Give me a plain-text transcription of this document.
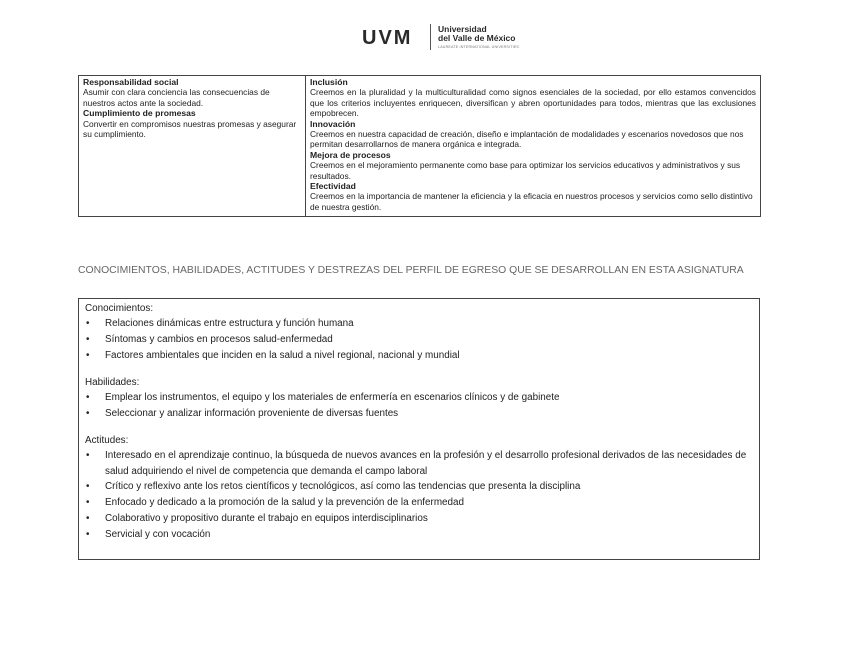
UVM	Universidad
del Valle de México
LAUREATE INTERNATIONAL UNIVERSITIES
Responsabilidad social
Asumir con clara conciencia las consecuencias de nuestros actos ante la sociedad.
Cumplimiento de promesas
Convertir en compromisos nuestras promesas y asegurar su cumplimiento.

Inclusión
Creemos en la pluralidad y la multiculturalidad como signos esenciales de la sociedad, por ello estamos convencidos que los criterios incluyentes enriquecen, diversifican y abren oportunidades para todos, mientras que las exclusiones empobrecen.
Innovación
Creemos en nuestra capacidad de creación, diseño e implantación de modalidades y escenarios novedosos que nos permitan desarrollarnos de manera orgánica e integrada.
Mejora de procesos
Creemos en el mejoramiento permanente como base para optimizar los servicios educativos y administrativos y sus resultados.
Efectividad
Creemos en la importancia de mantener la eficiencia y la eficacia en nuestros procesos y servicios como sello distintivo de nuestra gestión.
CONOCIMIENTOS, HABILIDADES, ACTITUDES Y DESTREZAS DEL PERFIL DE EGRESO QUE SE DESARROLLAN EN ESTA ASIGNATURA
Conocimientos:
• Relaciones dinámicas entre estructura y función humana
• Síntomas y cambios en procesos salud-enfermedad
• Factores ambientales que inciden en la salud a nivel regional, nacional y mundial
Habilidades:
• Emplear los instrumentos, el equipo y los materiales de enfermería en escenarios clínicos y de gabinete
• Seleccionar y analizar información proveniente de diversas fuentes
Actitudes:
• Interesado en el aprendizaje continuo, la búsqueda de nuevos avances en la profesión y el desarrollo profesional derivados de las necesidades de salud adquiriendo el nivel de competencia que demanda el campo laboral
• Crítico y reflexivo ante los retos científicos y tecnológicos, así como las tendencias que presenta la disciplina
• Enfocado y dedicado a la promoción de la salud y la prevención de la enfermedad
• Colaborativo y propositivo durante el trabajo en equipos interdisciplinarios
• Servicial y con vocación
